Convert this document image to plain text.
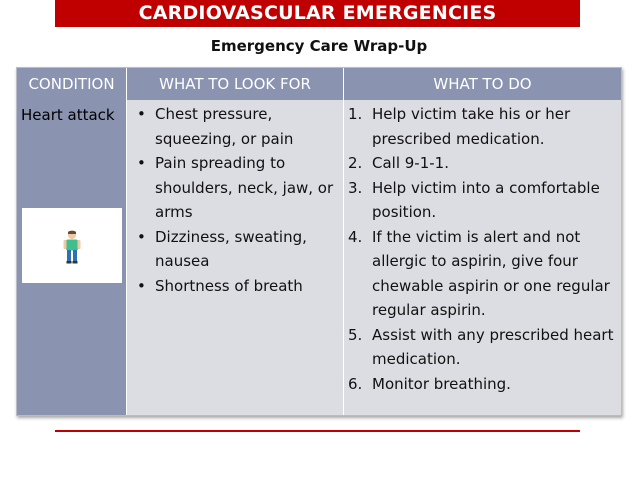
CARDIOVASCULAR EMERGENCIES
Emergency Care Wrap-Up
CONDITION	WHAT TO LOOK FOR	WHAT TO DO
Heart attack • Chest pressure, squeezing, or pain
• Pain spreading to shoulders, neck, jaw, or arms
• Dizziness, sweating, nausea
• Shortness of breath
1. Help victim take his or her prescribed medication.
2. Call 9-1-1.
3. Help victim into a comfortable position.
4. If the victim is alert and not allergic to aspirin, give four chewable aspirin or one regular regular aspirin.
5. Assist with any prescribed heart medication.
6. Monitor breathing.
